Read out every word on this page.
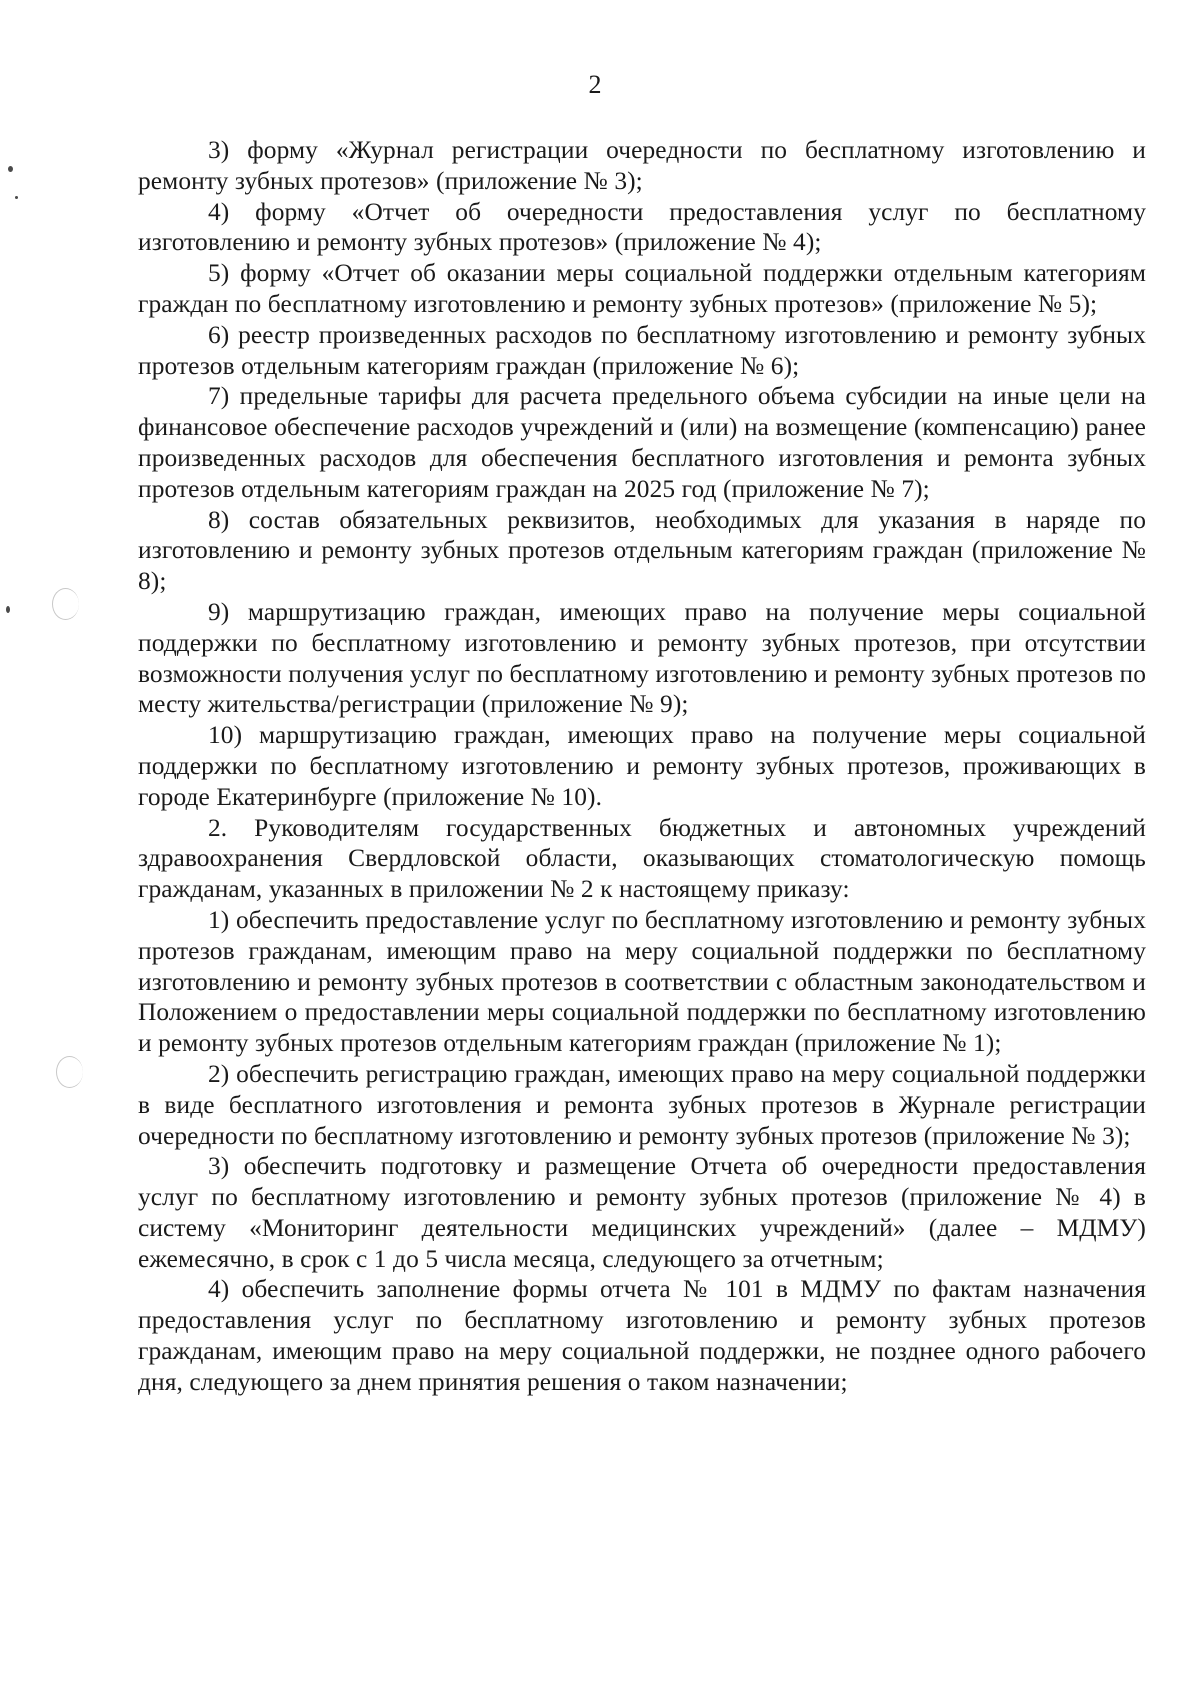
2

3) форму «Журнал регистрации очередности по бесплатному изготовлению и ремонту зубных протезов» (приложение № 3);

4) форму «Отчет об очередности предоставления услуг по бесплатному изготовлению и ремонту зубных протезов» (приложение № 4);

5) форму «Отчет об оказании меры социальной поддержки отдельным категориям граждан по бесплатному изготовлению и ремонту зубных протезов» (приложение № 5);

6) реестр произведенных расходов по бесплатному изготовлению и ремонту зубных протезов отдельным категориям граждан (приложение № 6);

7) предельные тарифы для расчета предельного объема субсидии на иные цели на финансовое обеспечение расходов учреждений и (или) на возмещение (компенсацию) ранее произведенных расходов для обеспечения бесплатного изготовления и ремонта зубных протезов отдельным категориям граждан на 2025 год (приложение № 7);

8) состав обязательных реквизитов, необходимых для указания в наряде по изготовлению и ремонту зубных протезов отдельным категориям граждан (приложение № 8);

9) маршрутизацию граждан, имеющих право на получение меры социальной поддержки по бесплатному изготовлению и ремонту зубных протезов, при отсутствии возможности получения услуг по бесплатному изготовлению и ремонту зубных протезов по месту жительства/регистрации (приложение № 9);

10) маршрутизацию граждан, имеющих право на получение меры социальной поддержки по бесплатному изготовлению и ремонту зубных протезов, проживающих в городе Екатеринбурге (приложение № 10).

2. Руководителям государственных бюджетных и автономных учреждений здравоохранения Свердловской области, оказывающих стоматологическую помощь гражданам, указанных в приложении № 2 к настоящему приказу:

1) обеспечить предоставление услуг по бесплатному изготовлению и ремонту зубных протезов гражданам, имеющим право на меру социальной поддержки по бесплатному изготовлению и ремонту зубных протезов в соответствии с областным законодательством и Положением о предоставлении меры социальной поддержки по бесплатному изготовлению и ремонту зубных протезов отдельным категориям граждан (приложение № 1);

2) обеспечить регистрацию граждан, имеющих право на меру социальной поддержки в виде бесплатного изготовления и ремонта зубных протезов в Журнале регистрации очередности по бесплатному изготовлению и ремонту зубных протезов (приложение № 3);

3) обеспечить подготовку и размещение Отчета об очередности предоставления услуг по бесплатному изготовлению и ремонту зубных протезов (приложение № 4) в систему «Мониторинг деятельности медицинских учреждений» (далее – МДМУ) ежемесячно, в срок с 1 до 5 числа месяца, следующего за отчетным;

4) обеспечить заполнение формы отчета № 101 в МДМУ по фактам назначения предоставления услуг по бесплатному изготовлению и ремонту зубных протезов гражданам, имеющим право на меру социальной поддержки, не позднее одного рабочего дня, следующего за днем принятия решения о таком назначении;
